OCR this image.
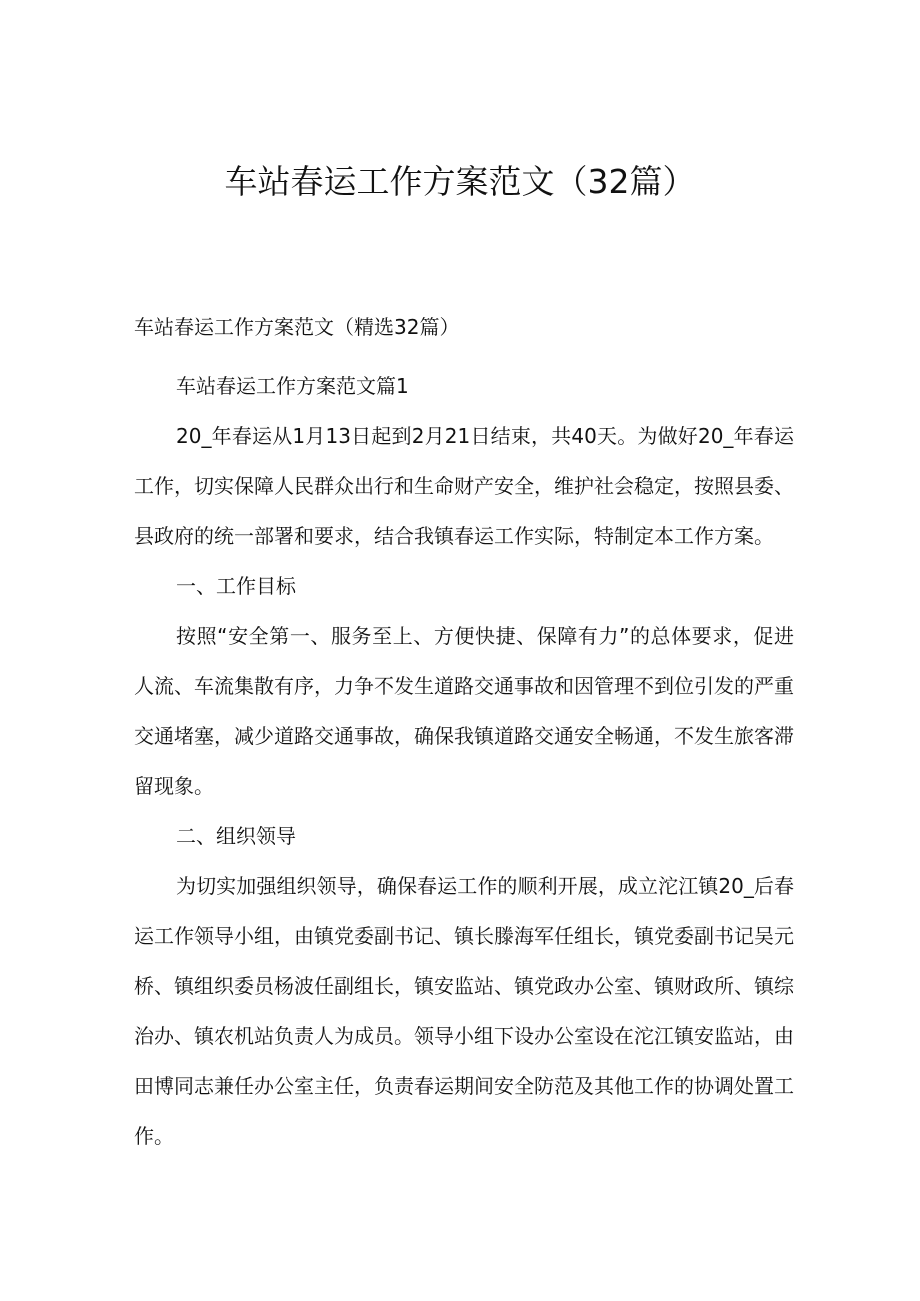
车站春运工作方案范文（32篇）

车站春运工作方案范文（精选32篇）

车站春运工作方案范文篇1

20_年春运从1月13日起到2月21日结束，共40天。为做好20_年春运工作，切实保障人民群众出行和生命财产安全，维护社会稳定，按照县委、县政府的统一部署和要求，结合我镇春运工作实际，特制定本工作方案。

一、工作目标

按照“安全第一、服务至上、方便快捷、保障有力”的总体要求，促进人流、车流集散有序，力争不发生道路交通事故和因管理不到位引发的严重交通堵塞，减少道路交通事故，确保我镇道路交通安全畅通，不发生旅客滞留现象。

二、组织领导

为切实加强组织领导，确保春运工作的顺利开展，成立沱江镇20_后春运工作领导小组，由镇党委副书记、镇长滕海军任组长，镇党委副书记吴元桥、镇组织委员杨波任副组长，镇安监站、镇党政办公室、镇财政所、镇综治办、镇农机站负责人为成员。领导小组下设办公室设在沱江镇安监站，由田博同志兼任办公室主任，负责春运期间安全防范及其他工作的协调处置工作。
